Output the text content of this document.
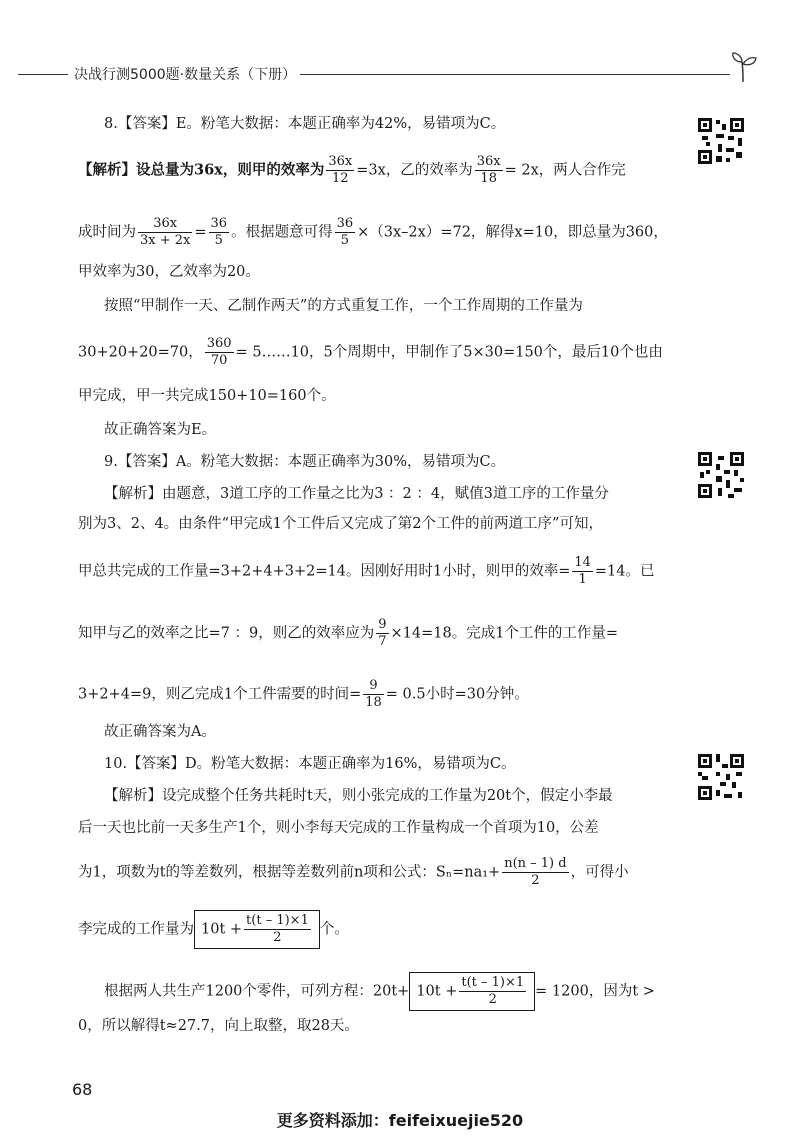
决战行测5000题·数量关系（下册）
8.【答案】E。粉笔大数据：本题正确率为42%，易错项为C。
【解析】设总量为36x，则甲的效率为 $\frac{36x}{12} =3x$，乙的效率为 $\frac{36x}{18} = 2x$，两人合作完
成时间为 $\frac{36x}{3x + 2x} = \frac{36}{5}$ 。根据题意可得 $\frac{36}{5} \times(3x-2x)=72$，解得x=10，即总量为360，
甲效率为30，乙效率为20。
按照“甲制作一天、乙制作两天”的方式重复工作，一个工作周期的工作量为
30+20+20=70， $\frac{360}{70}$ = 5……10，5个周期中，甲制作了5×30=150个，最后10个也由
甲完成，甲一共完成150+10=160个。
故正确答案为E。
9.【答案】A。粉笔大数据：本题正确率为30%，易错项为C。
【解析】由题意，3道工序的工作量之比为3 ：2 ：4，赋值3道工序的工作量分
别为3、2、4。由条件“甲完成1个工件后又完成了第2个工件的前两道工序”可知，
甲总共完成的工作量=3+2+4+3+2=14。因刚好用时1小时，则甲的效率= $\frac{14}{1} =14$。已
知甲与乙的效率之比=7 ：9，则乙的效率应为 $\frac{9}{7} \times 14=18$。完成1个工件的工作量=
3+2+4=9，则乙完成1个工件需要的时间= $\frac{9}{18} = 0.5$小时=30分钟。
故正确答案为A。
10.【答案】D。粉笔大数据：本题正确率为16%，易错项为C。
【解析】设完成整个任务共耗时t天，则小张完成的工作量为20t个，假定小李最
后一天也比前一天多生产1个，则小李每天完成的工作量构成一个首项为10，公差
为1，项数为t的等差数列，根据等差数列前n项和公式：$S_n=na_1+ \frac{n(n - 1) d}{2}$ ，可得小
李完成的工作量为 $10t + \frac{t(t - 1)\times 1}{2}$ 个。
根据两人共生产1200个零件，可列方程：$20t+ 10t + \frac{t(t - 1)\times 1}{2} = 1200$，因为t >
0，所以解得t≈27.7，向上取整，取28天。
68
更多资料添加：feifeixuejie520
